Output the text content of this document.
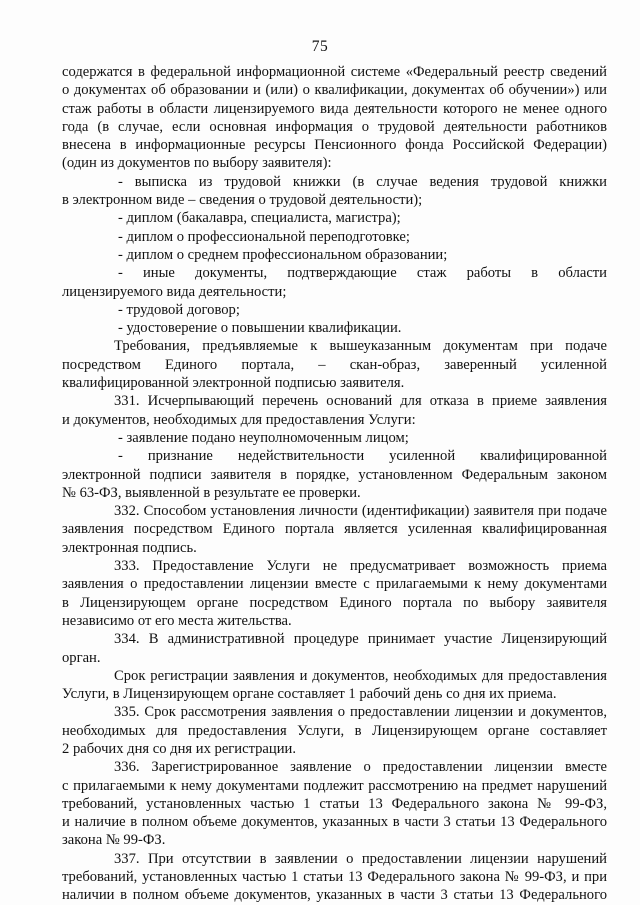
75
содержатся в федеральной информационной системе «Федеральный реестр сведений
о документах об образовании и (или) о квалификации, документах об обучении») или
стаж работы в области лицензируемого вида деятельности которого не менее одного
года (в случае, если основная информация о трудовой деятельности работников
внесена в информационные ресурсы Пенсионного фонда Российской Федерации)
(один из документов по выбору заявителя):
- выписка из трудовой книжки (в случае ведения трудовой книжки
в электронном виде – сведения о трудовой деятельности);
- диплом (бакалавра, специалиста, магистра);
- диплом о профессиональной переподготовке;
- диплом о среднем профессиональном образовании;
- иные документы, подтверждающие стаж работы в области
лицензируемого вида деятельности;
- трудовой договор;
- удостоверение о повышении квалификации.
Требования, предъявляемые к вышеуказанным документам при подаче
посредством Единого портала, – скан-образ, заверенный усиленной
квалифицированной электронной подписью заявителя.
331. Исчерпывающий перечень оснований для отказа в приеме заявления
и документов, необходимых для предоставления Услуги:
- заявление подано неуполномоченным лицом;
- признание недействительности усиленной квалифицированной
электронной подписи заявителя в порядке, установленном Федеральным законом
№ 63-ФЗ, выявленной в результате ее проверки.
332. Способом установления личности (идентификации) заявителя при подаче
заявления посредством Единого портала является усиленная квалифицированная
электронная подпись.
333. Предоставление Услуги не предусматривает возможность приема
заявления о предоставлении лицензии вместе с прилагаемыми к нему документами
в Лицензирующем органе посредством Единого портала по выбору заявителя
независимо от его места жительства.
334. В административной процедуре принимает участие Лицензирующий
орган.
Срок регистрации заявления и документов, необходимых для предоставления
Услуги, в Лицензирующем органе составляет 1 рабочий день со дня их приема.
335. Срок рассмотрения заявления о предоставлении лицензии и документов,
необходимых для предоставления Услуги, в Лицензирующем органе составляет
2 рабочих дня со дня их регистрации.
336. Зарегистрированное заявление о предоставлении лицензии вместе
с прилагаемыми к нему документами подлежит рассмотрению на предмет нарушений
требований, установленных частью 1 статьи 13 Федерального закона № 99-ФЗ,
и наличие в полном объеме документов, указанных в части 3 статьи 13 Федерального
закона № 99-ФЗ.
337. При отсутствии в заявлении о предоставлении лицензии нарушений
требований, установленных частью 1 статьи 13 Федерального закона № 99-ФЗ, и при
наличии в полном объеме документов, указанных в части 3 статьи 13 Федерального
